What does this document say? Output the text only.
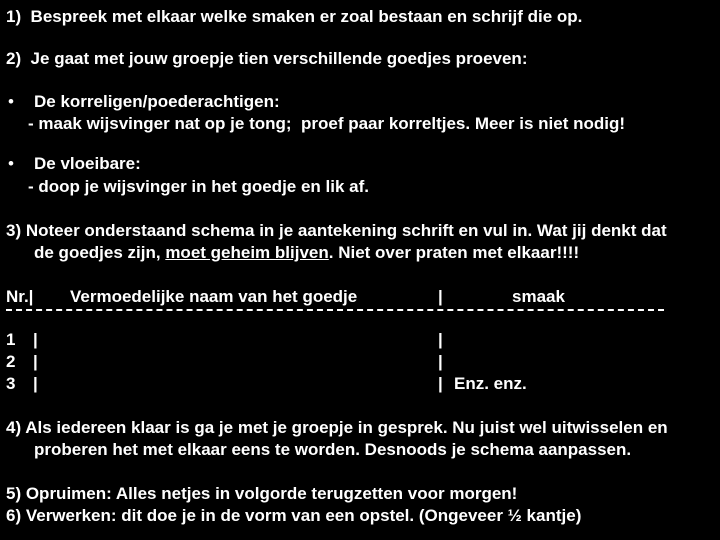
1)  Bespreek met elkaar welke smaken er zoal bestaan en schrijf die op.
2)  Je gaat met jouw groepje tien verschillende goedjes proeven:
• De korreligen/poederachtigen:
- maak wijsvinger nat op je tong;  proef paar korreltjes. Meer is niet nodig!
• De vloeibare:
- doop je wijsvinger in het goedje en lik af.
3) Noteer onderstaand schema in je aantekening schrift en vul in. Wat jij denkt dat
de goedjes zijn, moet geheim blijven. Niet over praten met elkaar!!!!
Nr.| Vermoedelijke naam van het goedje	|	smaak
1 |	|
2 |	|
3 |	| Enz. enz.
4) Als iedereen klaar is ga je met je groepje in gesprek. Nu juist wel uitwisselen en
proberen het met elkaar eens te worden. Desnoods je schema aanpassen.
5) Opruimen: Alles netjes in volgorde terugzetten voor morgen!
6) Verwerken: dit doe je in de vorm van een opstel. (Ongeveer ½ kantje)
